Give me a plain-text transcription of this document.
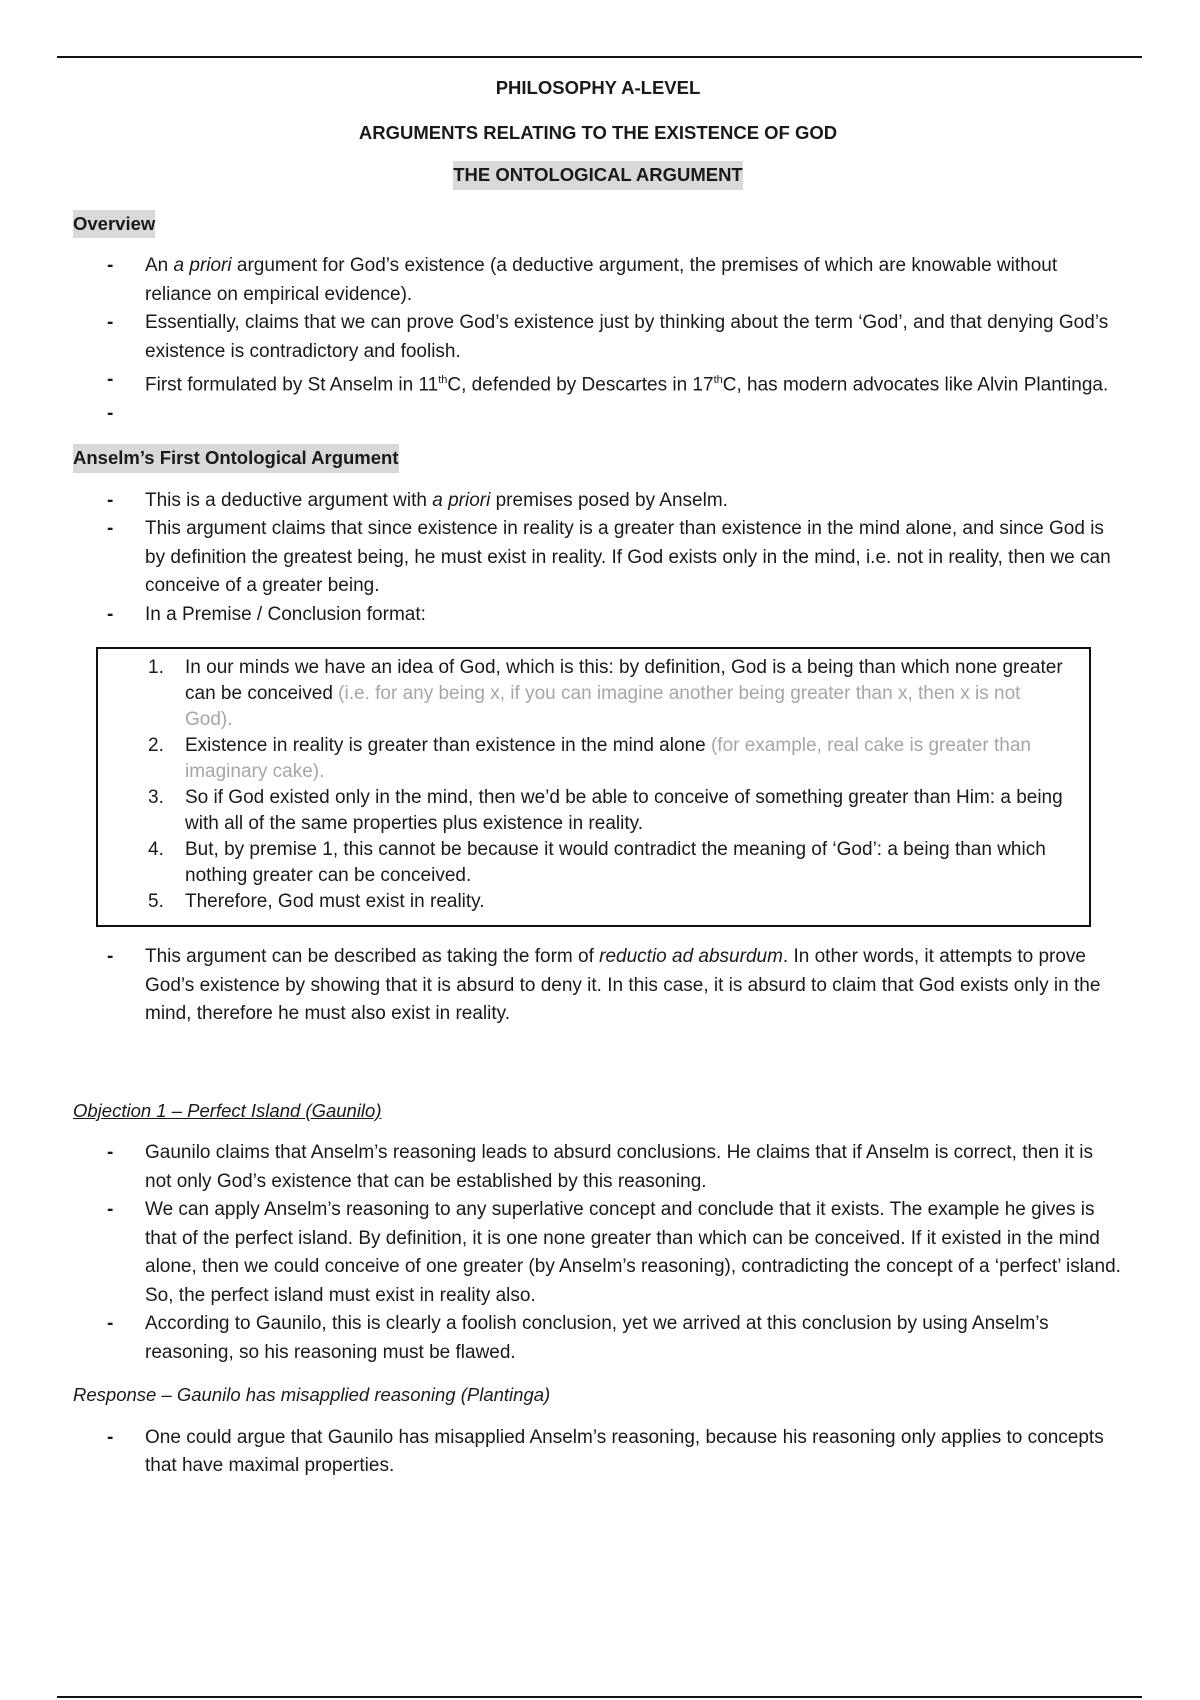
PHILOSOPHY A-LEVEL
ARGUMENTS RELATING TO THE EXISTENCE OF GOD
THE ONTOLOGICAL ARGUMENT
Overview
- An a priori argument for God’s existence (a deductive argument, the premises of which are knowable without reliance on empirical evidence).
- Essentially, claims that we can prove God’s existence just by thinking about the term ‘God’, and that denying God’s existence is contradictory and foolish.
- First formulated by St Anselm in 11thC, defended by Descartes in 17thC, has modern advocates like Alvin Plantinga.
-

Anselm’s First Ontological Argument
- This is a deductive argument with a priori premises posed by Anselm.
- This argument claims that since existence in reality is a greater than existence in the mind alone, and since God is by definition the greatest being, he must exist in reality. If God exists only in the mind, i.e. not in reality, then we can conceive of a greater being.
- In a Premise / Conclusion format:
1. In our minds we have an idea of God, which is this: by definition, God is a being than which none greater can be conceived (i.e. for any being x, if you can imagine another being greater than x, then x is not God).
2. Existence in reality is greater than existence in the mind alone (for example, real cake is greater than imaginary cake).
3. So if God existed only in the mind, then we’d be able to conceive of something greater than Him: a being with all of the same properties plus existence in reality.
4. But, by premise 1, this cannot be because it would contradict the meaning of ‘God’: a being than which nothing greater can be conceived.
5. Therefore, God must exist in reality.
- This argument can be described as taking the form of reductio ad absurdum. In other words, it attempts to prove God’s existence by showing that it is absurd to deny it. In this case, it is absurd to claim that God exists only in the mind, therefore he must also exist in reality.
Objection 1 – Perfect Island (Gaunilo)
- Gaunilo claims that Anselm’s reasoning leads to absurd conclusions. He claims that if Anselm is correct, then it is not only God’s existence that can be established by this reasoning.
- We can apply Anselm’s reasoning to any superlative concept and conclude that it exists. The example he gives is that of the perfect island. By definition, it is one none greater than which can be conceived. If it existed in the mind alone, then we could conceive of one greater (by Anselm’s reasoning), contradicting the concept of a ‘perfect’ island. So, the perfect island must exist in reality also.
- According to Gaunilo, this is clearly a foolish conclusion, yet we arrived at this conclusion by using Anselm’s reasoning, so his reasoning must be flawed.
Response – Gaunilo has misapplied reasoning (Plantinga)
- One could argue that Gaunilo has misapplied Anselm’s reasoning, because his reasoning only applies to concepts that have maximal properties.
